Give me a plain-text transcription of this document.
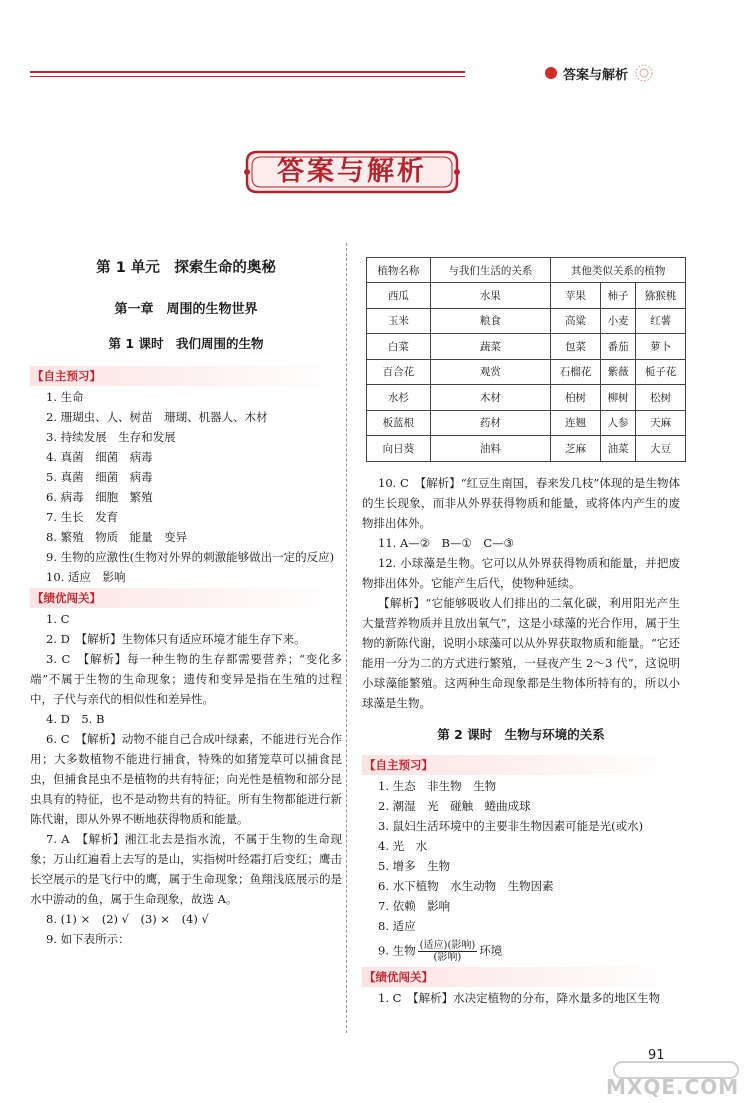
答案与解析
答案与解析
第 1 单元　探索生命的奥秘
第一章　周围的生物世界
第 1 课时　我们周围的生物
【自主预习】
1. 生命
2. 珊瑚虫、人、树苗　珊瑚、机器人、木材
3. 持续发展　生存和发展
4. 真菌　细菌　病毒
5. 真菌　细菌　病毒
6. 病毒　细胞　繁殖
7. 生长　发育
8. 繁殖　物质　能量　变异
9. 生物的应激性(生物对外界的刺激能够做出一定的反应)
10. 适应　影响
【绩优闯关】
1. C
2. D　【解析】生物体只有适应环境才能生存下来。
3. C　【解析】每一种生物的生存都需要营养；“变化多端”不属于生物的生命现象；遗传和变异是指在生殖的过程中，子代与亲代的相似性和差异性。
4. D　5. B
6. C　【解析】动物不能自己合成叶绿素，不能进行光合作用；大多数植物不能进行捕食，特殊的如猪笼草可以捕食昆虫，但捕食昆虫不是植物的共有特征；向光性是植物和部分昆虫具有的特征，也不是动物共有的特征。所有生物都能进行新陈代谢，即从外界不断地获得物质和能量。
7. A　【解析】湘江北去是指水流，不属于生物的生命现象；万山红遍看上去写的是山，实指树叶经霜打后变红；鹰击长空展示的是飞行中的鹰，属于生命现象；鱼翔浅底展示的是水中游动的鱼，属于生命现象，故选 A。
8. (1) ×　(2) √　(3) ×　(4) √
9. 如下表所示：
植物名称	与我们生活的关系	其他类似关系的植物		
西瓜	水果	苹果	柿子	猕猴桃
玉米	粮食	高粱	小麦	红薯
白菜	蔬菜	包菜	番茄	萝卜
百合花	观赏	石榴花	紫薇	栀子花
水杉	木材	柏树	柳树	松树
板蓝根	药材	连翘	人参	天麻
向日葵	油料	芝麻	油菜	大豆
10. C　【解析】“红豆生南国，春来发几枝”体现的是生物体的生长现象，而非从外界获得物质和能量，或将体内产生的废物排出体外。
11. A—②　B—①　C—③
12. 小球藻是生物。它可以从外界获得物质和能量，并把废物排出体外。它能产生后代，使物种延续。
【解析】“它能够吸收人们排出的二氧化碳，利用阳光产生大量营养物质并且放出氧气”，这是小球藻的光合作用，属于生物的新陈代谢，说明小球藻可以从外界获取物质和能量。“它还能用一分为二的方式进行繁殖，一昼夜产生 2～3 代”，这说明小球藻能繁殖。这两种生命现象都是生物体所特有的，所以小球藻是生物。
第 2 课时　生物与环境的关系
【自主预习】
1. 生态　非生物　生物
2. 潮湿　光　碰触　蜷曲成球
3. 鼠妇生活环境中的主要非生物因素可能是光(或水)
4. 光　水
5. 增多　生物
6. 水下植物　水生动物　生物因素
7. 依赖　影响
8. 适应
9. 生物 $\frac{\text{(适应)(影响)}}{\text{(影响)}}$ 环境
【绩优闯关】
1. C　【解析】水决定植物的分布，降水量多的地区生物
91
MXQE.COM
